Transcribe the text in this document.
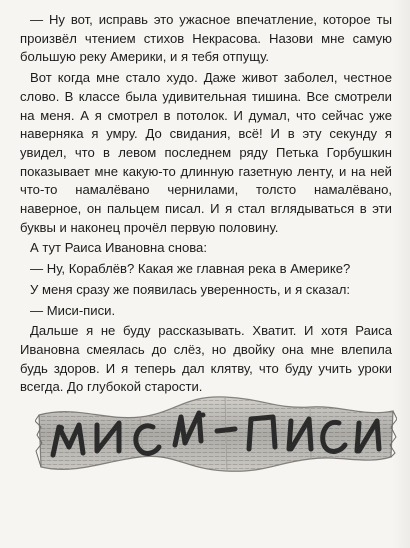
— Ну вот, исправь это ужасное впечатление, которое ты произвёл чтением стихов Некрасова. Назови мне самую большую реку Америки, и я тебя отпущу.

Вот когда мне стало худо. Даже живот заболел, честное слово. В классе была удивительная тишина. Все смотрели на меня. А я смотрел в потолок. И думал, что сейчас уже наверняка я умру. До свидания, всё! И в эту секунду я увидел, что в левом последнем ряду Петька Горбушкин показывает мне какую-то длинную газетную ленту, и на ней что-то намалёвано чернилами, толсто намалёвано, наверное, он пальцем писал. И я стал вглядываться в эти буквы и наконец прочёл первую половину.

А тут Раиса Ивановна снова:

— Ну, Кораблёв? Какая же главная река в Америке?

У меня сразу же появилась уверенность, и я сказал:

— Миси-писи.

Дальше я не буду рассказывать. Хватит. И хотя Раиса Ивановна смеялась до слёз, но двойку она мне влепила будь здоров. И я теперь дал клятву, что буду учить уроки всегда. До глубокой старости.
